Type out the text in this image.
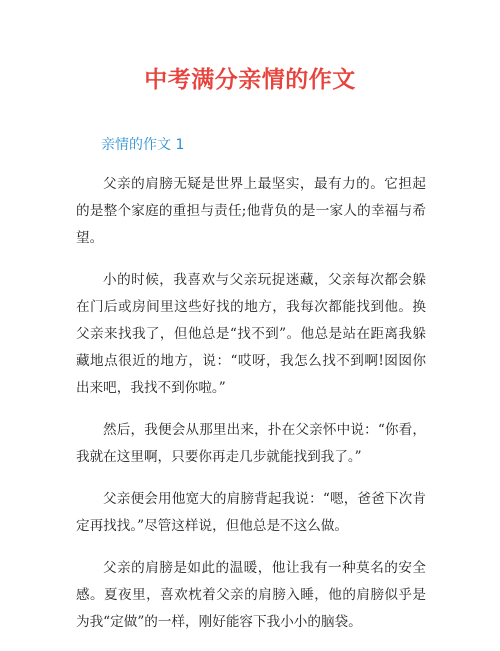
中考满分亲情的作文
亲情的作文 1

父亲的肩膀无疑是世界上最坚实，最有力的。它担起的是整个家庭的重担与责任;他背负的是一家人的幸福与希望。

小的时候，我喜欢与父亲玩捉迷藏，父亲每次都会躲在门后或房间里这些好找的地方，我每次都能找到他。换父亲来找我了，但他总是“找不到”。他总是站在距离我躲藏地点很近的地方，说：“哎呀，我怎么找不到啊!囡囡你出来吧，我找不到你啦。”

然后，我便会从那里出来，扑在父亲怀中说：“你看，我就在这里啊，只要你再走几步就能找到我了。”

父亲便会用他宽大的肩膀背起我说：“嗯，爸爸下次肯定再找找。”尽管这样说，但他总是不这么做。

父亲的肩膀是如此的温暖，他让我有一种莫名的安全感。夏夜里，喜欢枕着父亲的肩膀入睡，他的肩膀似乎是为我“定做”的一样，刚好能容下我小小的脑袋。
